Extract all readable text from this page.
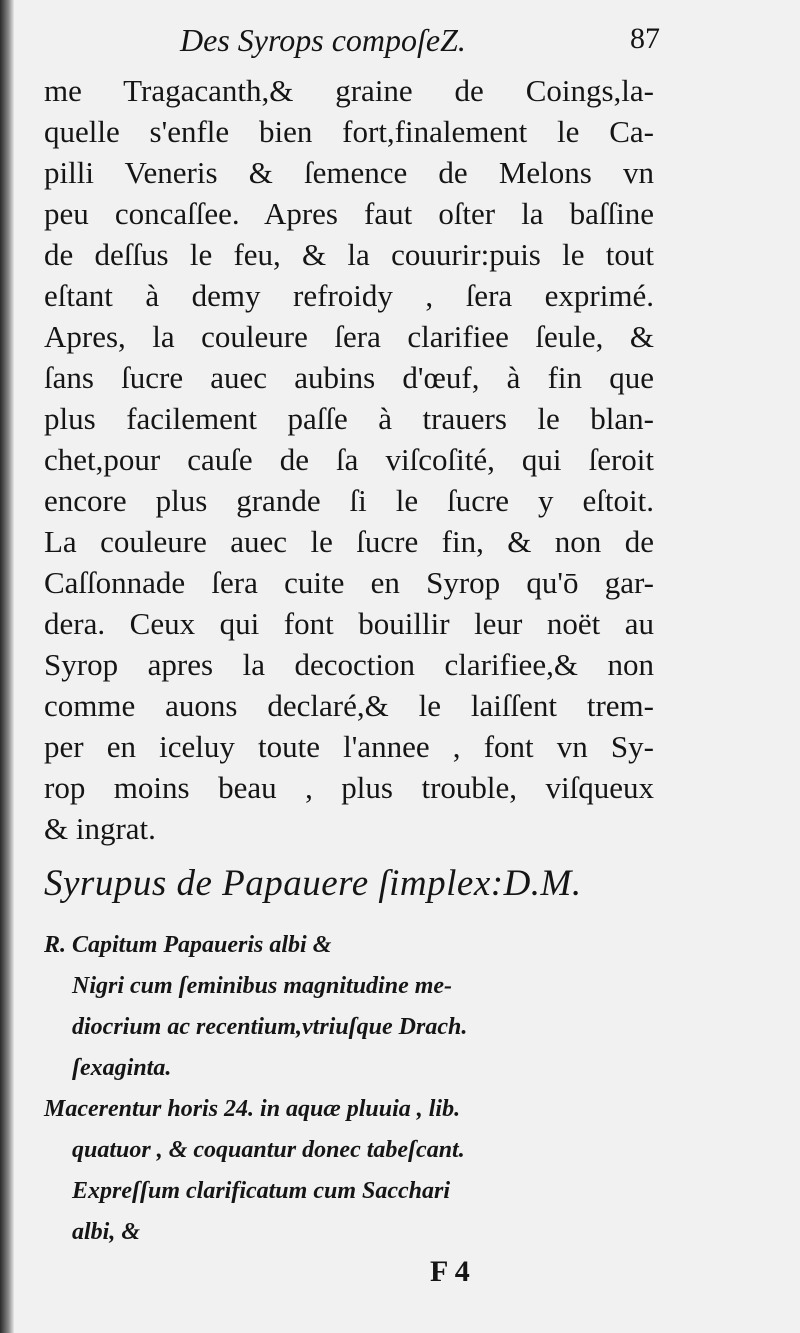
Des Syrops compoſeZ.	87
me Tragacanth,& graine de Coings,la-
quelle s'enfle bien fort,finalement le Ca-
pilli Veneris & ſemence de Melons vn
peu concaſſee. Apres faut oſter la baſſine
de deſſus le feu, & la couurir:puis le tout
eſtant à demy refroidy , ſera exprimé.
Apres, la couleure ſera clarifiee ſeule, &
ſans ſucre auec aubins d'œuf, à fin que
plus facilement paſſe à trauers le blan-
chet,pour cauſe de ſa viſcoſité, qui ſeroit
encore plus grande ſi le ſucre y eſtoit.
La couleure auec le ſucre fin, & non de
Caſſonnade ſera cuite en Syrop qu'ō gar-
dera. Ceux qui font bouillir leur noët au
Syrop apres la decoction clarifiee,& non
comme auons declaré,& le laiſſent trem-
per en iceluy toute l'annee , font vn Sy-
rop moins beau , plus trouble, viſqueux
& ingrat.
Syrupus de Papauere ſimplex:D.M.
R. Capitum Papaueris albi &
Nigri cum ſeminibus magnitudine me-
diocrium ac recentium,vtriuſque Drach.
ſexaginta.
Macerentur horis 24. in aquæ pluuia , lib.
quatuor , & coquantur donec tabeſcant.
Expreſſum clarificatum cum Sacchari
albi, &
F 4
